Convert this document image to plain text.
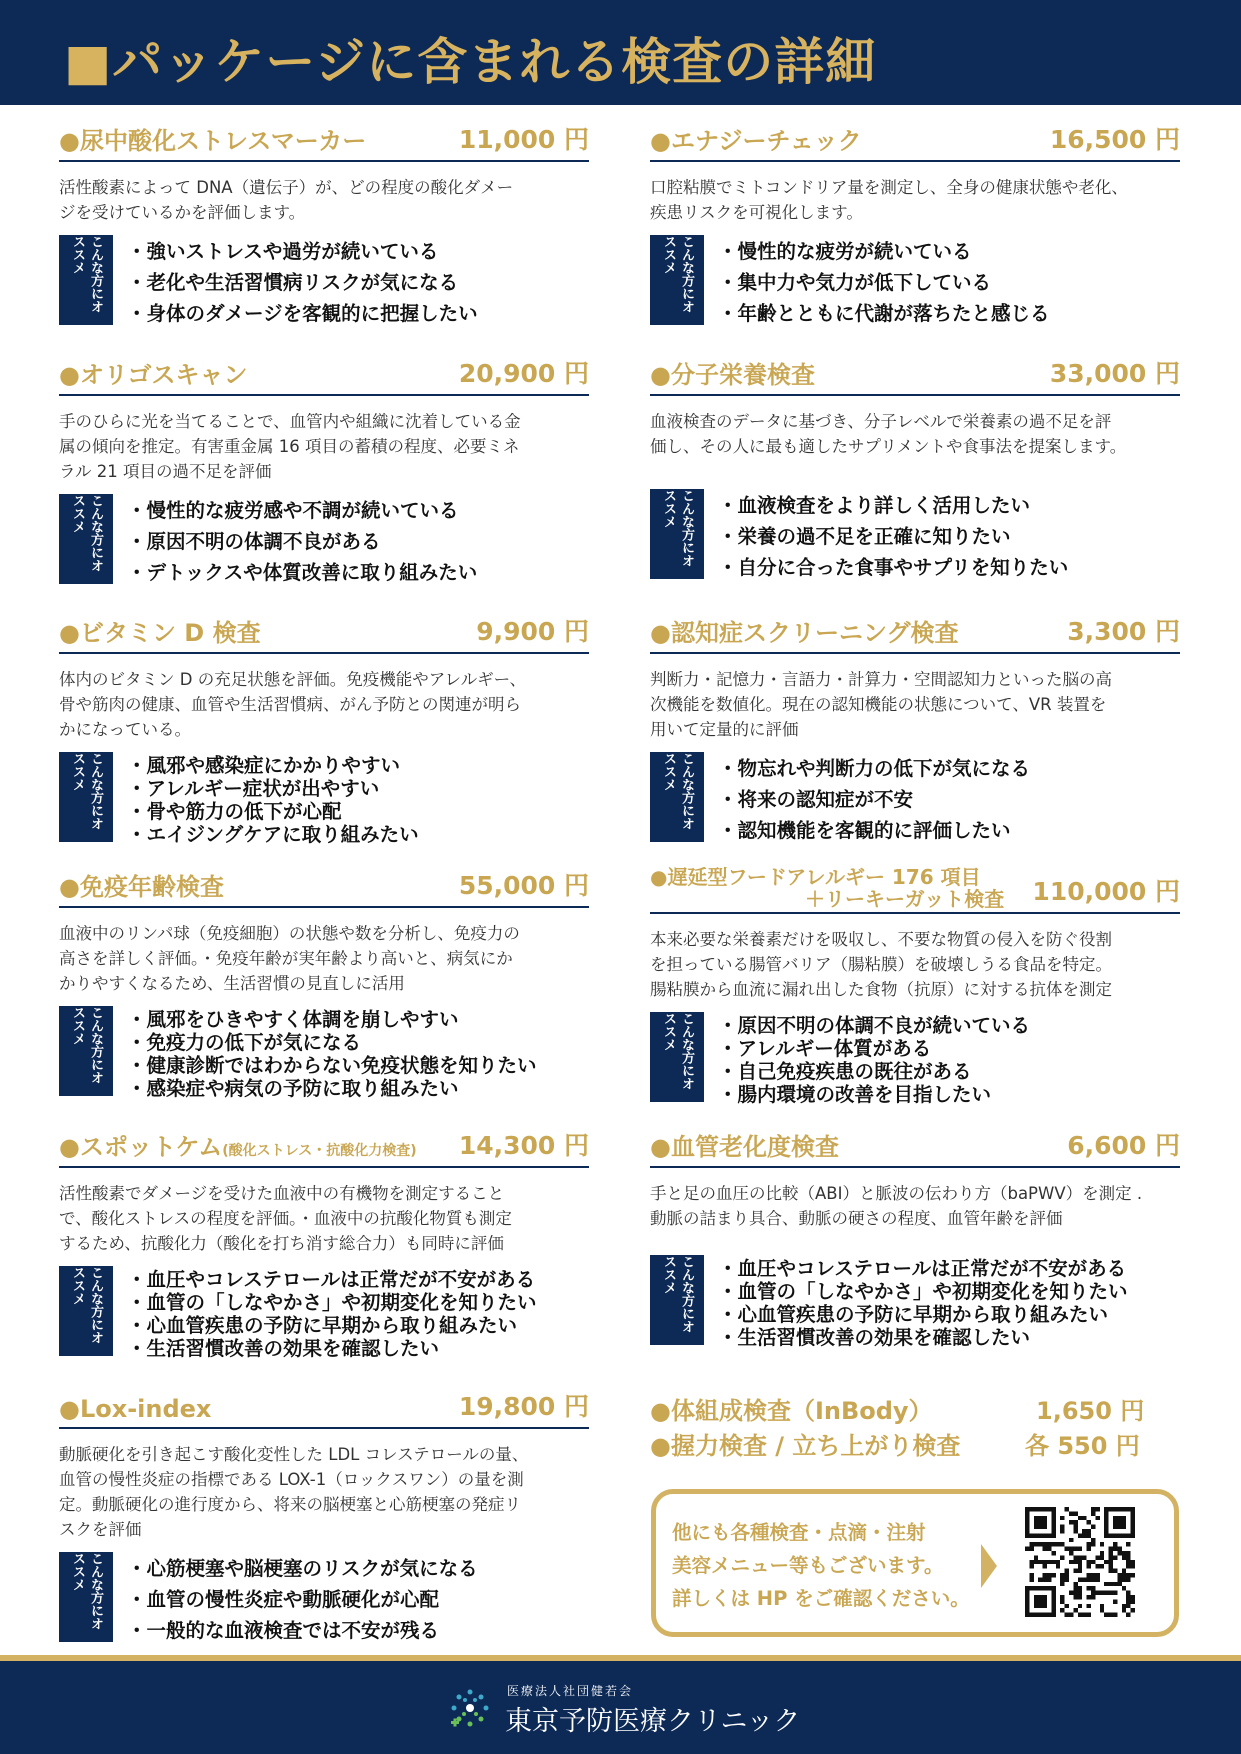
■パッケージに含まれる検査の詳細
●尿中酸化ストレスマーカー	11,000 円
活性酸素によって DNA（遺伝子）が、どの程度の酸化ダメー
ジを受けているかを評価します。
こんな方にオススメ	・ 強いストレスや過労が続いている
・ 老化や生活習慣病リスクが気になる
・ 身体のダメージを客観的に把握したい
●オリゴスキャン	20,900 円
手のひらに光を当てることで、血管内や組織に沈着している金
属の傾向を推定。有害重金属 16 項目の蓄積の程度、必要ミネ
ラル 21 項目の過不足を評価
こんな方にオススメ	・ 慢性的な疲労感や不調が続いている
・ 原因不明の体調不良がある
・ デトックスや体質改善に取り組みたい
●ビタミン D 検査	9,900 円
体内のビタミン D の充足状態を評価。免疫機能やアレルギー、
骨や筋肉の健康、血管や生活習慣病、がん予防との関連が明ら
かになっている。
こんな方にオススメ	・ 風邪や感染症にかかりやすい
・ アレルギー症状が出やすい
・ 骨や筋力の低下が心配
・ エイジングケアに取り組みたい
●免疫年齢検査	55,000 円
血液中のリンパ球（免疫細胞）の状態や数を分析し、免疫力の
高さを詳しく評価。・免疫年齢が実年齢より高いと、病気にか
かりやすくなるため、生活習慣の見直しに活用
こんな方にオススメ	・ 風邪をひきやすく体調を崩しやすい
・ 免疫力の低下が気になる
・ 健康診断ではわからない免疫状態を知りたい
・ 感染症や病気の予防に取り組みたい
●スポットケム(酸化ストレス・抗酸化力検査) 14,300 円
活性酸素でダメージを受けた血液中の有機物を測定すること
で、酸化ストレスの程度を評価。・血液中の抗酸化物質も測定
するため、抗酸化力（酸化を打ち消す総合力）も同時に評価
こんな方にオススメ	・ 血圧やコレステロールは正常だが不安がある
・ 血管の「しなやかさ」や初期変化を知りたい
・ 心血管疾患の予防に早期から取り組みたい
・ 生活習慣改善の効果を確認したい
●Lox-index	19,800 円
動脈硬化を引き起こす酸化変性した LDL コレステロールの量、
血管の慢性炎症の指標である LOX-1（ロックスワン）の量を測
定。動脈硬化の進行度から、将来の脳梗塞と心筋梗塞の発症リ
スクを評価
こんな方にオススメ	・ 心筋梗塞や脳梗塞のリスクが気になる
・ 血管の慢性炎症や動脈硬化が心配
・ 一般的な血液検査では不安が残る
●エナジーチェック	16,500 円
口腔粘膜でミトコンドリア量を測定し、全身の健康状態や老化、
疾患リスクを可視化します。
こんな方にオススメ	・ 慢性的な疲労が続いている
・ 集中力や気力が低下している
・ 年齢とともに代謝が落ちたと感じる
●分子栄養検査	33,000 円
血液検査のデータに基づき、分子レベルで栄養素の過不足を評
価し、その人に最も適したサプリメントや食事法を提案します。
こんな方にオススメ	・ 血液検査をより詳しく活用したい
・ 栄養の過不足を正確に知りたい
・ 自分に合った食事やサプリを知りたい
●認知症スクリーニング検査	3,300 円
判断力・記憶力・言語力・計算力・空間認知力といった脳の高
次機能を数値化。現在の認知機能の状態について、VR 装置を
用いて定量的に評価
こんな方にオススメ	・ 物忘れや判断力の低下が気になる
・ 将来の認知症が不安
・ 認知機能を客観的に評価したい
●遅延型フードアレルギー 176 項目
＋リーキーガット検査 110,000 円
本来必要な栄養素だけを吸収し、不要な物質の侵入を防ぐ役割
を担っている腸管バリア（腸粘膜）を破壊しうる食品を特定。
腸粘膜から血流に漏れ出した食物（抗原）に対する抗体を測定
こんな方にオススメ	・ 原因不明の体調不良が続いている
・ アレルギー体質がある
・ 自己免疫疾患の既往がある
・ 腸内環境の改善を目指したい
●血管老化度検査	6,600 円
手と足の血圧の比較（ABI）と脈波の伝わり方（baPWV）を測定 .
動脈の詰まり具合、動脈の硬さの程度、血管年齢を評価
こんな方にオススメ	・ 血圧やコレステロールは正常だが不安がある
・ 血管の「しなやかさ」や初期変化を知りたい
・ 心血管疾患の予防に早期から取り組みたい
・ 生活習慣改善の効果を確認したい
●体組成検査（InBody）	1,650 円
●握力検査 / 立ち上がり検査	各 550 円
他にも各種検査・点滴・注射
美容メニュー等もございます。
詳しくは HP をご確認ください。
医療法人社団健若会
東京予防医療クリニック
